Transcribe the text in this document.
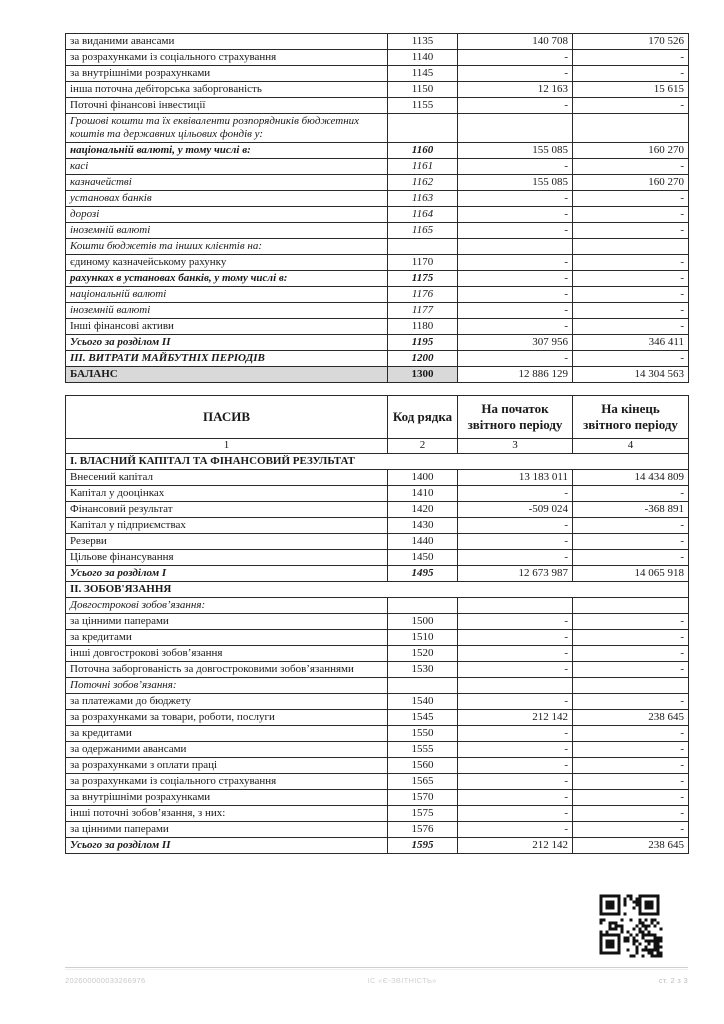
за виданими авансами	1135	140 708	170 526
за розрахунками із соціального страхування	1140	-	-
за внутрішніми розрахунками	1145	-	-
інша поточна дебіторська заборгованість	1150	12 163	15 615
Поточні фінансові інвестиції	1155	-	-
Грошові кошти та їх еквіваленти розпорядників бюджетних коштів та державних цільових фондів у:			
національній валюті, у тому числі в:	1160	155 085	160 270
касі	1161	-	-
казначействі	1162	155 085	160 270
установах банків	1163	-	-
дорозі	1164	-	-
іноземній валюті	1165	-	-
Кошти бюджетів та інших клієнтів на:			
єдиному казначейському рахунку	1170	-	-
рахунках в установах банків, у тому числі в:	1175	-	-
національній валюті	1176	-	-
іноземній валюті	1177	-	-
Інші фінансові активи	1180	-	-
Усього за розділом ІІ	1195	307 956	346 411
ІІІ. ВИТРАТИ МАЙБУТНІХ ПЕРІОДІВ	1200	-	-
БАЛАНС	1300	12 886 129	14 304 563
ПАСИВ	Код рядка	На початок звітного періоду	На кінець звітного періоду
1	2	3	4
І. ВЛАСНИЙ КАПІТАЛ ТА ФІНАНСОВИЙ РЕЗУЛЬТАТ			
Внесений капітал	1400	13 183 011	14 434 809
Капітал у дооцінках	1410	-	-
Фінансовий результат	1420	-509 024	-368 891
Капітал у підприємствах	1430	-	-
Резерви	1440	-	-
Цільове фінансування	1450	-	-
Усього за розділом І	1495	12 673 987	14 065 918
ІІ. ЗОБОВ'ЯЗАННЯ			
Довгострокові зобов’язання:			
за цінними паперами	1500	-	-
за кредитами	1510	-	-
інші довгострокові зобов’язання	1520	-	-
Поточна заборгованість за довгостроковими зобов’язаннями	1530	-	-
Поточні зобов’язання:			
за платежами до бюджету	1540	-	-
за розрахунками за товари, роботи, послуги	1545	212 142	238 645
за кредитами	1550	-	-
за одержаними авансами	1555	-	-
за розрахунками з оплати праці	1560	-	-
за розрахунками із соціального страхування	1565	-	-
за внутрішніми розрахунками	1570	-	-
інші поточні зобов’язання, з них:	1575	-	-
за цінними паперами	1576	-	-
Усього за розділом ІІ	1595	212 142	238 645
202600000033266976	ІС «Є-ЗВІТНІСТЬ»	ст. 2 з 3
